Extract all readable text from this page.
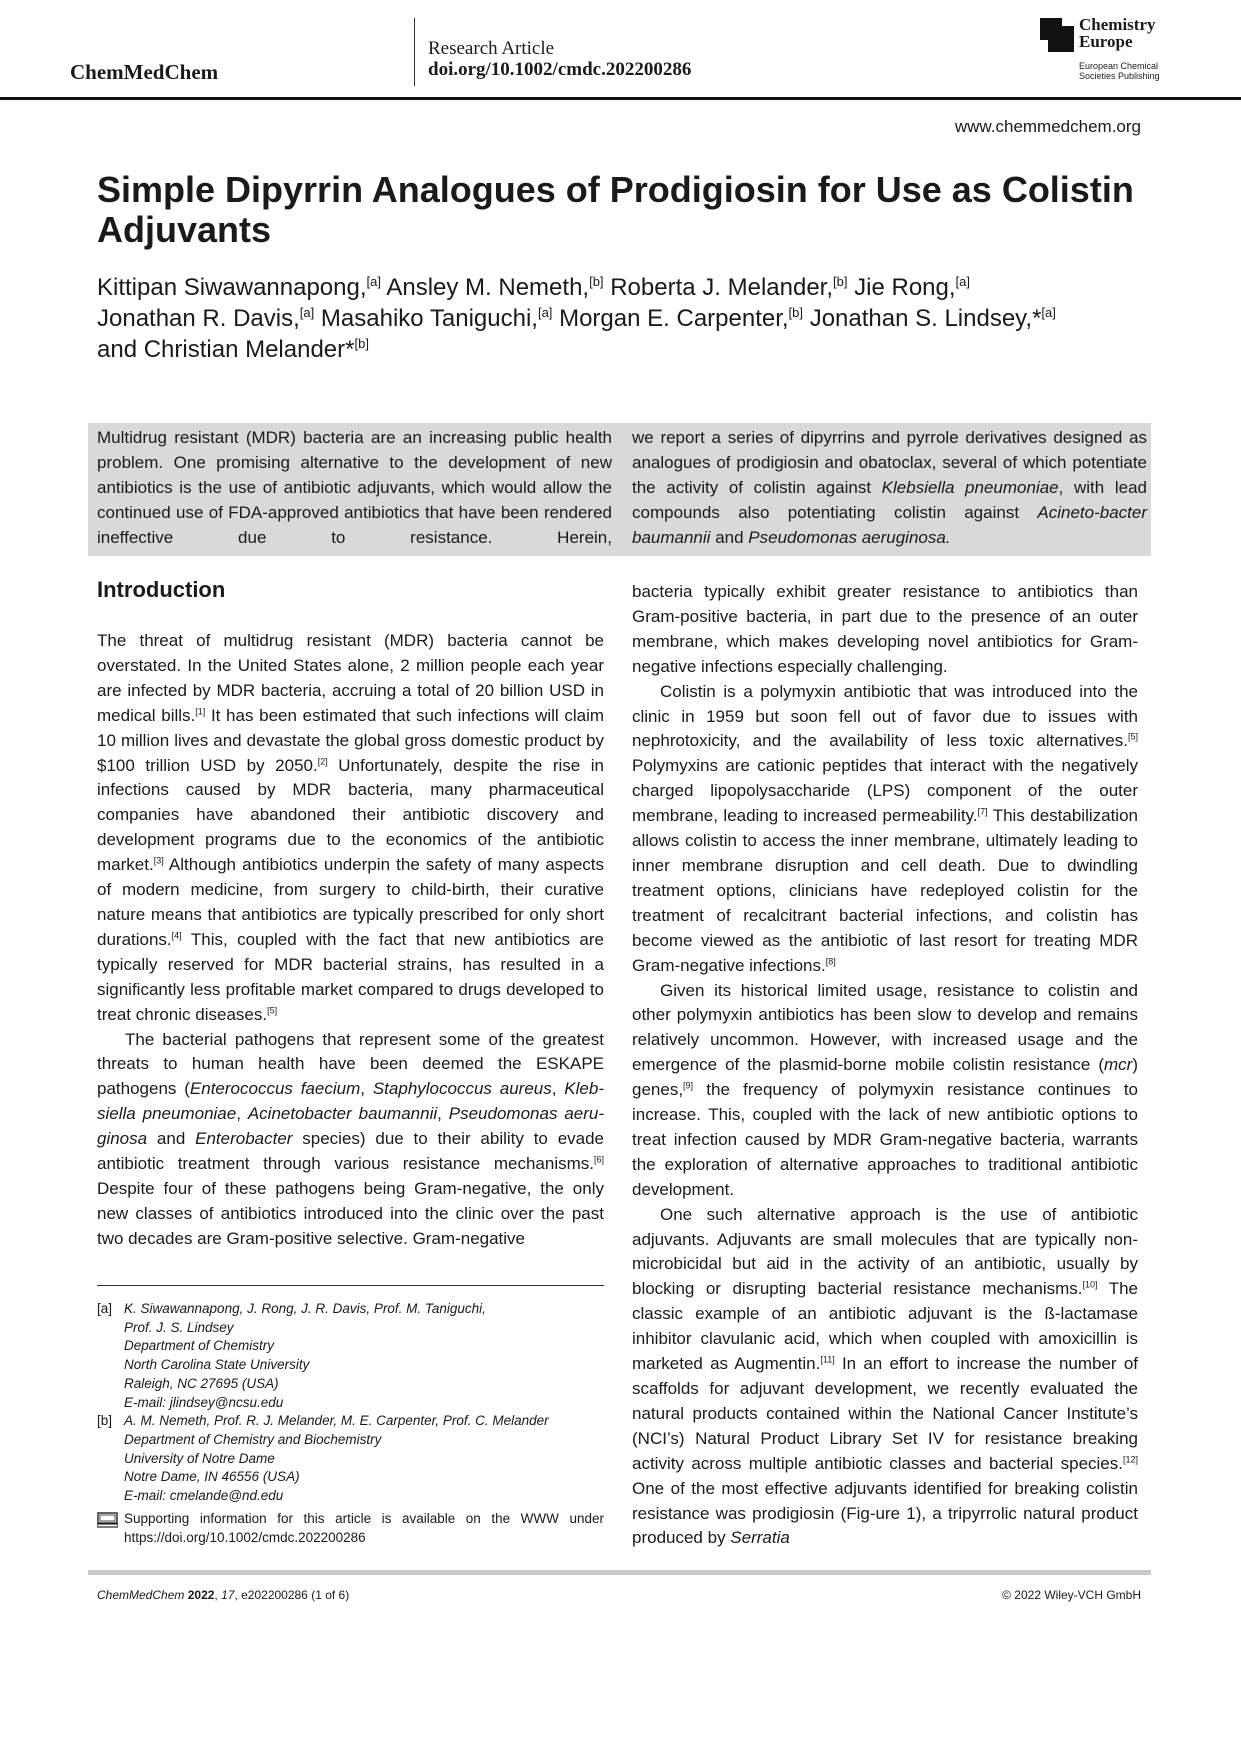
ChemMedChem
Research Article
doi.org/10.1002/cmdc.202200286
Chemistry
Europe
European Chemical
Societies Publishing
www.chemmedchem.org
Simple Dipyrrin Analogues of Prodigiosin for Use as Colistin Adjuvants
Kittipan Siwawannapong,[a] Ansley M. Nemeth,[b] Roberta J. Melander,[b] Jie Rong,[a]
Jonathan R. Davis,[a] Masahiko Taniguchi,[a] Morgan E. Carpenter,[b] Jonathan S. Lindsey,*[a]
and Christian Melander*[b]
Multidrug resistant (MDR) bacteria are an increasing public health problem. One promising alternative to the development of new antibiotics is the use of antibiotic adjuvants, which would allow the continued use of FDA-approved antibiotics that have been rendered ineffective due to resistance. Herein,
we report a series of dipyrrins and pyrrole derivatives designed as analogues of prodigiosin and obatoclax, several of which potentiate the activity of colistin against Klebsiella pneumoniae, with lead compounds also potentiating colistin against Acineto-bacter baumannii and Pseudomonas aeruginosa.
Introduction

The threat of multidrug resistant (MDR) bacteria cannot be overstated. In the United States alone, 2 million people each year are infected by MDR bacteria, accruing a total of 20 billion USD in medical bills.[1] It has been estimated that such infections will claim 10 million lives and devastate the global gross domestic product by $100 trillion USD by 2050.[2] Unfortunately, despite the rise in infections caused by MDR bacteria, many pharmaceutical companies have abandoned their antibiotic discovery and development programs due to the economics of the antibiotic market.[3] Although antibiotics underpin the safety of many aspects of modern medicine, from surgery to child-birth, their curative nature means that antibiotics are typically prescribed for only short durations.[4] This, coupled with the fact that new antibiotics are typically reserved for MDR bacterial strains, has resulted in a significantly less profitable market compared to drugs developed to treat chronic diseases.[5]

The bacterial pathogens that represent some of the greatest threats to human health have been deemed the ESKAPE pathogens (Enterococcus faecium, Staphylococcus aureus, Kleb-siella pneumoniae, Acinetobacter baumannii, Pseudomonas aeru-ginosa and Enterobacter species) due to their ability to evade antibiotic treatment through various resistance mechanisms.[6] Despite four of these pathogens being Gram-negative, the only new classes of antibiotics introduced into the clinic over the past two decades are Gram-positive selective. Gram-negative

bacteria typically exhibit greater resistance to antibiotics than Gram-positive bacteria, in part due to the presence of an outer membrane, which makes developing novel antibiotics for Gram-negative infections especially challenging.

Colistin is a polymyxin antibiotic that was introduced into the clinic in 1959 but soon fell out of favor due to issues with nephrotoxicity, and the availability of less toxic alternatives.[5] Polymyxins are cationic peptides that interact with the negatively charged lipopolysaccharide (LPS) component of the outer membrane, leading to increased permeability.[7] This destabilization allows colistin to access the inner membrane, ultimately leading to inner membrane disruption and cell death. Due to dwindling treatment options, clinicians have redeployed colistin for the treatment of recalcitrant bacterial infections, and colistin has become viewed as the antibiotic of last resort for treating MDR Gram-negative infections.[8]

Given its historical limited usage, resistance to colistin and other polymyxin antibiotics has been slow to develop and remains relatively uncommon. However, with increased usage and the emergence of the plasmid-borne mobile colistin resistance (mcr) genes,[9] the frequency of polymyxin resistance continues to increase. This, coupled with the lack of new antibiotic options to treat infection caused by MDR Gram-negative bacteria, warrants the exploration of alternative approaches to traditional antibiotic development.

One such alternative approach is the use of antibiotic adjuvants. Adjuvants are small molecules that are typically non-microbicidal but aid in the activity of an antibiotic, usually by blocking or disrupting bacterial resistance mechanisms.[10] The classic example of an antibiotic adjuvant is the ß-lactamase inhibitor clavulanic acid, which when coupled with amoxicillin is marketed as Augmentin.[11] In an effort to increase the number of scaffolds for adjuvant development, we recently evaluated the natural products contained within the National Cancer Institute’s (NCI’s) Natural Product Library Set IV for resistance breaking activity across multiple antibiotic classes and bacterial species.[12] One of the most effective adjuvants identified for breaking colistin resistance was prodigiosin (Fig-ure 1), a tripyrrolic natural product produced by Serratia

[a] K. Siwawannapong, J. Rong, J. R. Davis, Prof. M. Taniguchi,
Prof. J. S. Lindsey
Department of Chemistry
North Carolina State University
Raleigh, NC 27695 (USA)
E-mail: jlindsey@ncsu.edu
[b] A. M. Nemeth, Prof. R. J. Melander, M. E. Carpenter, Prof. C. Melander
Department of Chemistry and Biochemistry
University of Notre Dame
Notre Dame, IN 46556 (USA)
E-mail: cmelande@nd.edu
Supporting information for this article is available on the WWW under https://doi.org/10.1002/cmdc.202200286
ChemMedChem 2022, 17, e202200286 (1 of 6)	© 2022 Wiley-VCH GmbH
